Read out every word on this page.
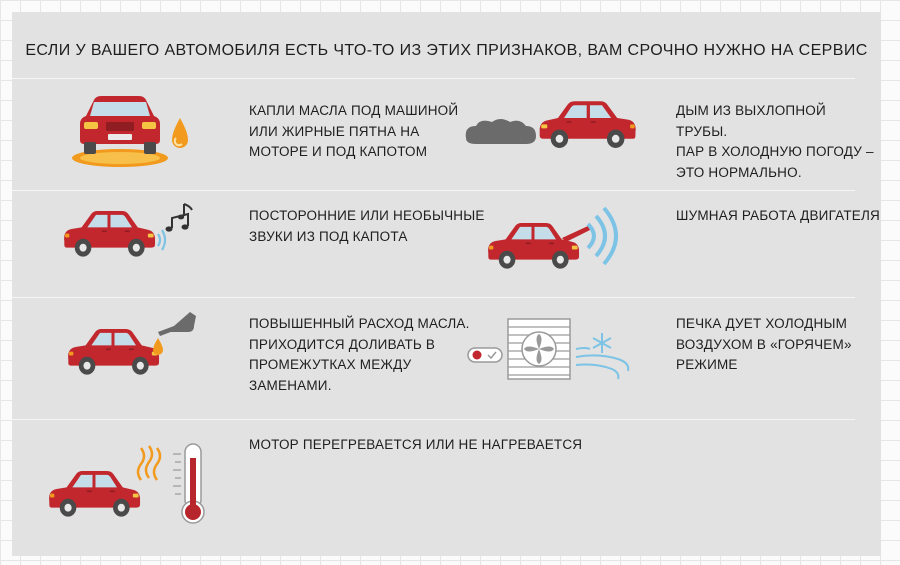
ЕСЛИ У ВАШЕГО АВТОМОБИЛЯ ЕСТЬ ЧТО-ТО ИЗ ЭТИХ ПРИЗНАКОВ, ВАМ СРОЧНО НУЖНО НА СЕРВИС
КАПЛИ МАСЛА ПОД МАШИНОЙ
ИЛИ ЖИРНЫЕ ПЯТНА НА
МОТОРЕ И ПОД КАПОТОМ
ДЫМ ИЗ ВЫХЛОПНОЙ ТРУБЫ.
ПАР В ХОЛОДНУЮ ПОГОДУ –
ЭТО НОРМАЛЬНО.
ПОСТОРОННИЕ ИЛИ НЕОБЫЧНЫЕ
ЗВУКИ ИЗ ПОД КАПОТА
ШУМНАЯ РАБОТА ДВИГАТЕЛЯ
ПОВЫШЕННЫЙ РАСХОД МАСЛА.
ПРИХОДИТСЯ ДОЛИВАТЬ В
ПРОМЕЖУТКАХ МЕЖДУ
ЗАМЕНАМИ.
ПЕЧКА ДУЕТ ХОЛОДНЫМ
ВОЗДУХОМ В «ГОРЯЧЕМ»
РЕЖИМЕ
МОТОР ПЕРЕГРЕВАЕТСЯ ИЛИ НЕ НАГРЕВАЕТСЯ
